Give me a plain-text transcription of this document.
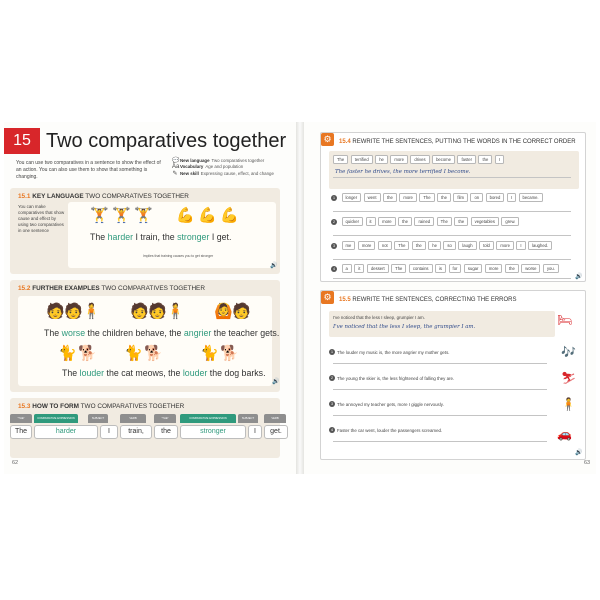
15 Two comparatives together
You can use two comparatives in a sentence to show the effect of an action. You can also use them to show that something is changing.
💬 New language Two comparatives together
Aa Vocabulary Age and population
✎ New skill Expressing cause, effect, and change
15.1 KEY LANGUAGE TWO COMPARATIVES TOGETHER
You can make comparatives that show cause and effect by using two comparatives in one sentence
🏋 🏋 🏋 💪 💪 💪
The harder I train, the stronger I get.
Implies that training causes you to get stronger
🔊
15.2 FURTHER EXAMPLES TWO COMPARATIVES TOGETHER
🧑 🧑 🧍 🧑 🧑 🧍 🙆 🧑
The worse the children behave, the angrier the teacher gets.
🐈 🐕 🐈 🐕 🐈 🐕
The louder the cat meows, the louder the dog barks.
🔊
15.3 HOW TO FORM TWO COMPARATIVES TOGETHER
"THE"	COMPARATIVE EXPRESSION	SUBJECT	VERB	"THE"	COMPARATIVE EXPRESSION	SUBJECT	VERB
The	harder	I	train,	the	stronger	I	get.
62
⚙	15.4 REWRITE THE SENTENCES, PUTTING THE WORDS IN THE CORRECT ORDER
The	terrified	he	more	drives	become	faster	the	I
The faster he drives, the more terrified I become.
1	longer	went	the	more	The	the	film	on	bored	I	became.
2	quicker	it	more	the	rained	The	the	vegetables	grew.
3	me	more	not	The	the	he	so	laugh	told	more	I	laughed.
4	a	it	dessert	The	contains	is	for	sugar	more	the	worse	you.
🔊
⚙	15.5 REWRITE THE SENTENCES, CORRECTING THE ERRORS
I've noticed that the less I sleep, grumpier I am.
I've noticed that the less I sleep, the grumpier I am.	🛏
1 The louder my music is, the more angrier my mother gets.	🎶
2 The young the skier is, the less frightened of falling they are.	⛷
3 The annoyed my teacher gets, more I giggle nervously.	🧍
4 Faster the car went, louder the passengers screamed.	🚗
🔊
63
